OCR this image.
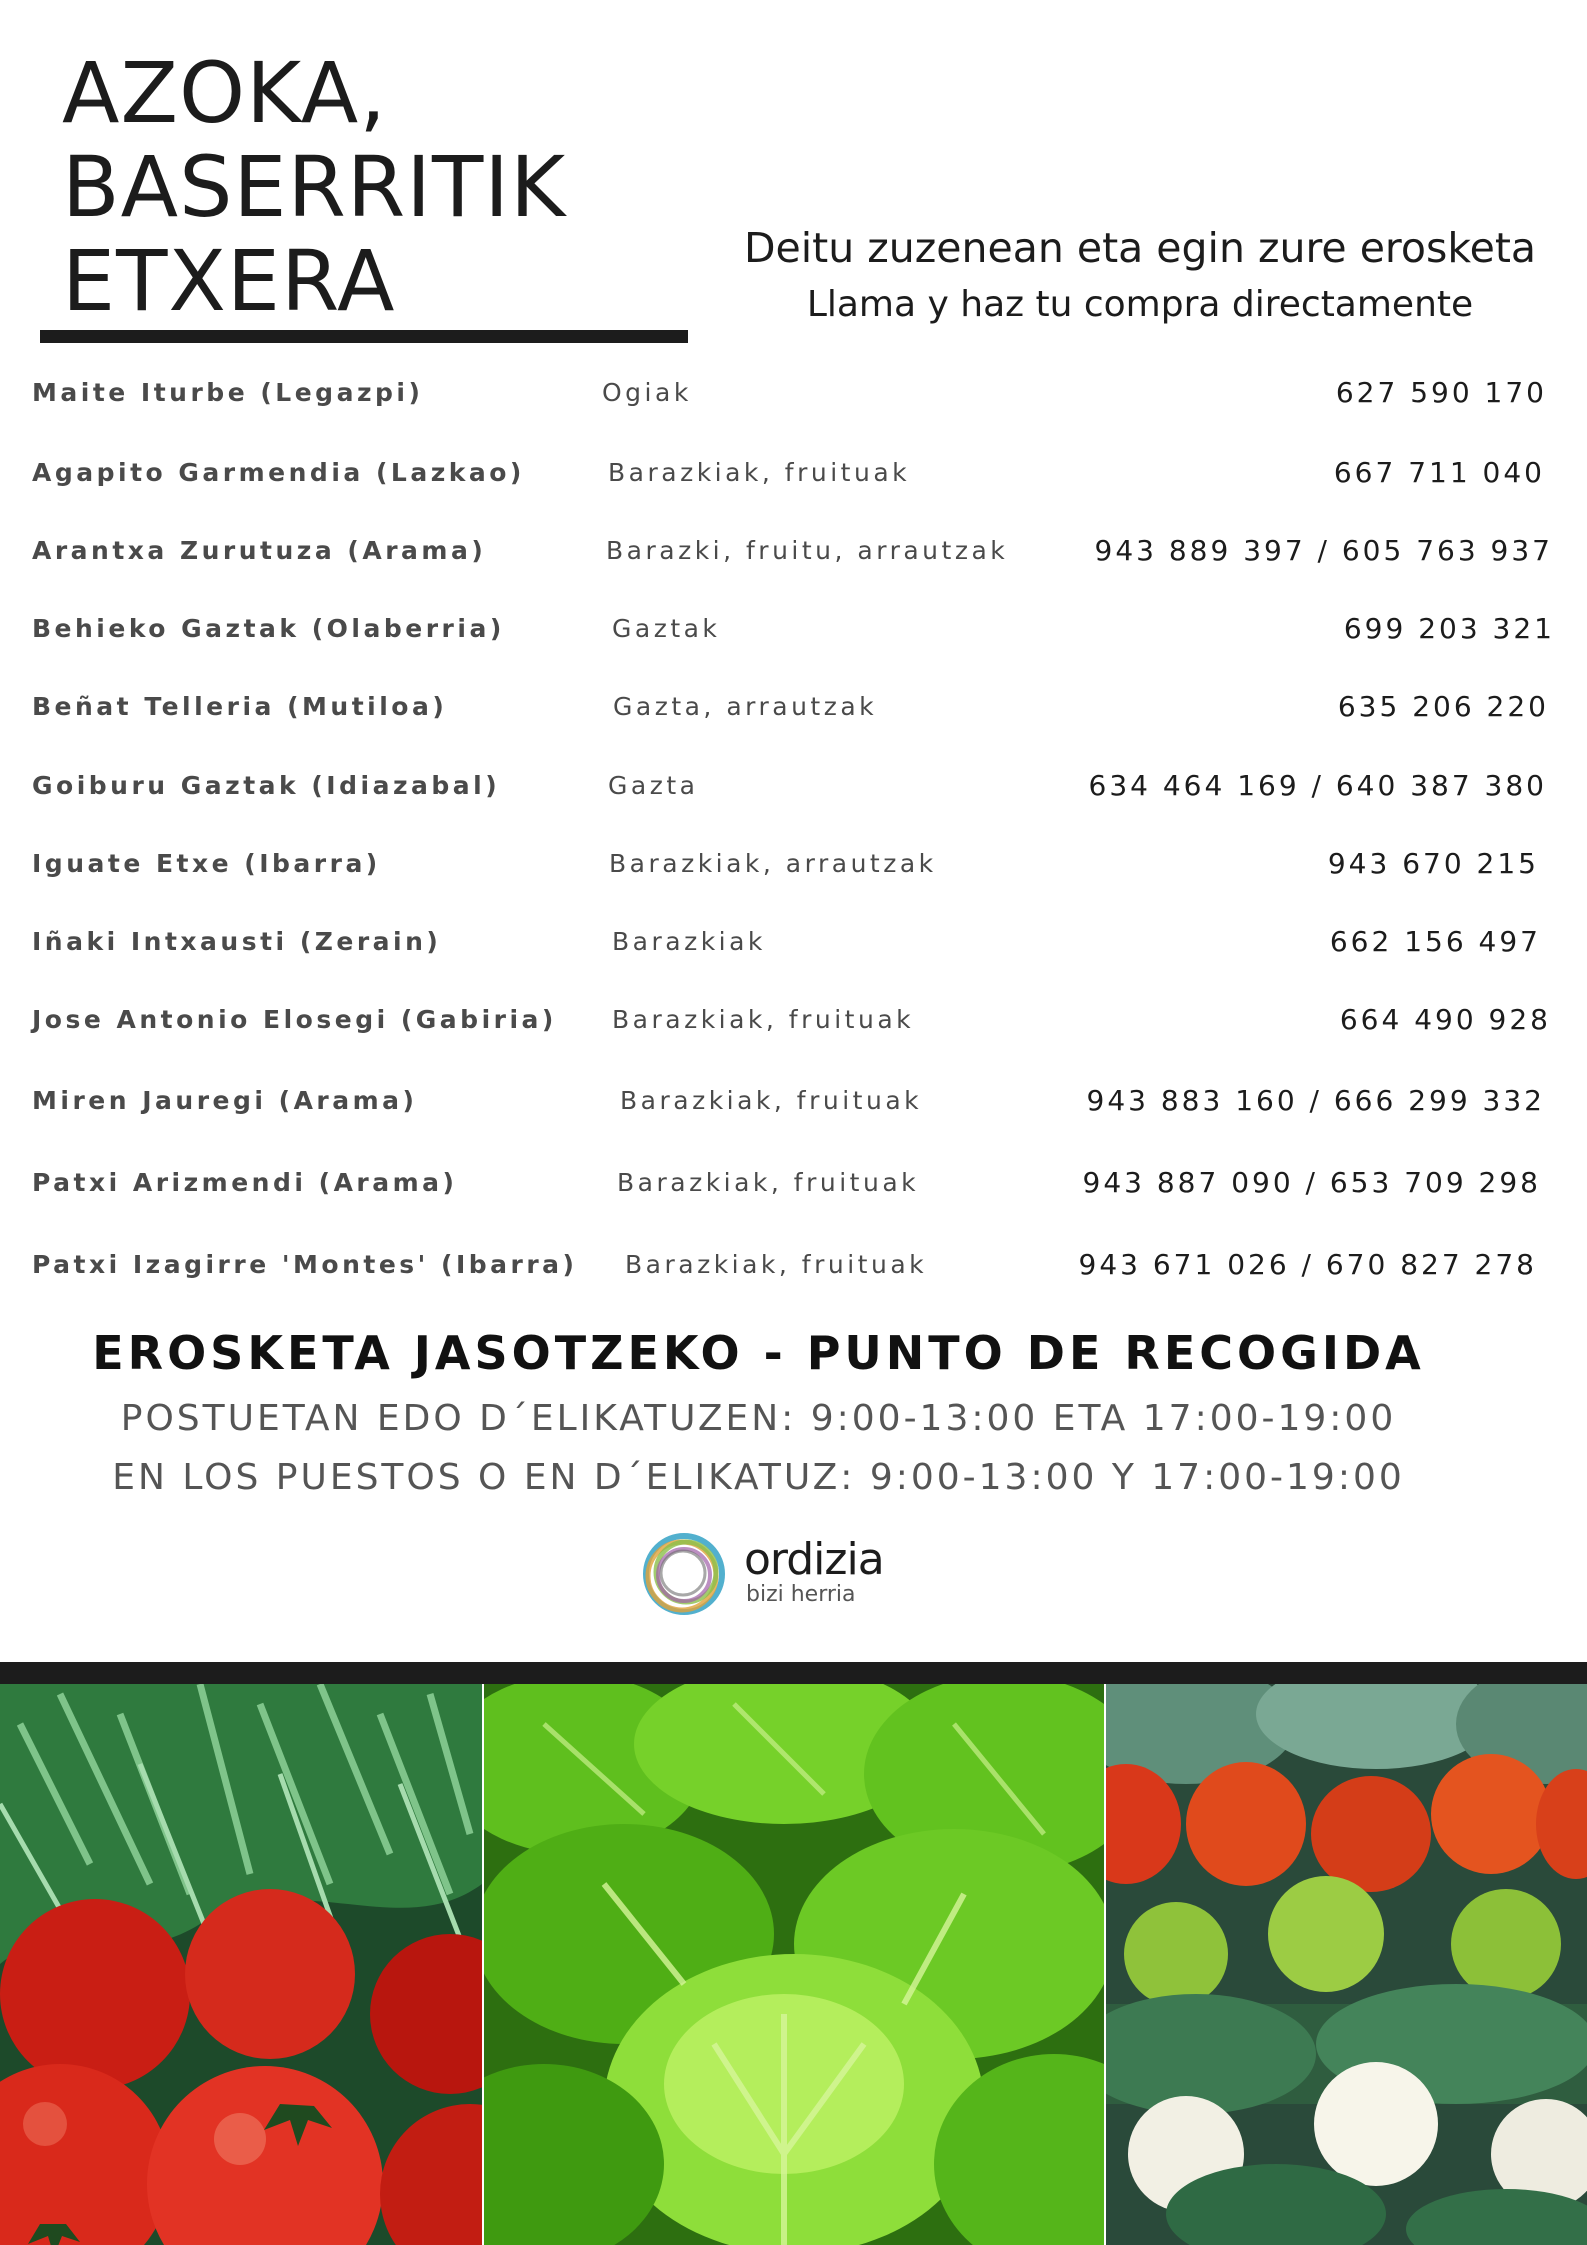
AZOKA,
BASERRITIK
ETXERA	Deitu zuzenean eta egin zure erosketa
Llama y haz tu compra directamente
Maite Iturbe (Legazpi)	Ogiak	627 590 170
Agapito Garmendia (Lazkao)	Barazkiak, fruituak	667 711 040
Arantxa Zurutuza (Arama)	Barazki, fruitu, arrautzak	943 889 397 / 605 763 937
Behieko Gaztak (Olaberria)	Gaztak	699 203 321
Beñat Telleria (Mutiloa)	Gazta, arrautzak	635 206 220
Goiburu Gaztak (Idiazabal)	Gazta	634 464 169 / 640 387 380
Iguate Etxe (Ibarra)	Barazkiak, arrautzak	943 670 215
Iñaki Intxausti (Zerain)	Barazkiak	662 156 497
Jose Antonio Elosegi (Gabiria) Barazkiak, fruituak	664 490 928
Miren Jauregi (Arama)	Barazkiak, fruituak	943 883 160 / 666 299 332
Patxi Arizmendi (Arama)	Barazkiak, fruituak	943 887 090 / 653 709 298
Patxi Izagirre 'Montes' (Ibarra) Barazkiak, fruituak	943 671 026 / 670 827 278
EROSKETA JASOTZEKO - PUNTO DE RECOGIDA
POSTUETAN EDO D´ELIKATUZEN: 9:00-13:00 ETA 17:00-19:00
EN LOS PUESTOS O EN D´ELIKATUZ: 9:00-13:00 Y 17:00-19:00
ordizia
bizi herria
